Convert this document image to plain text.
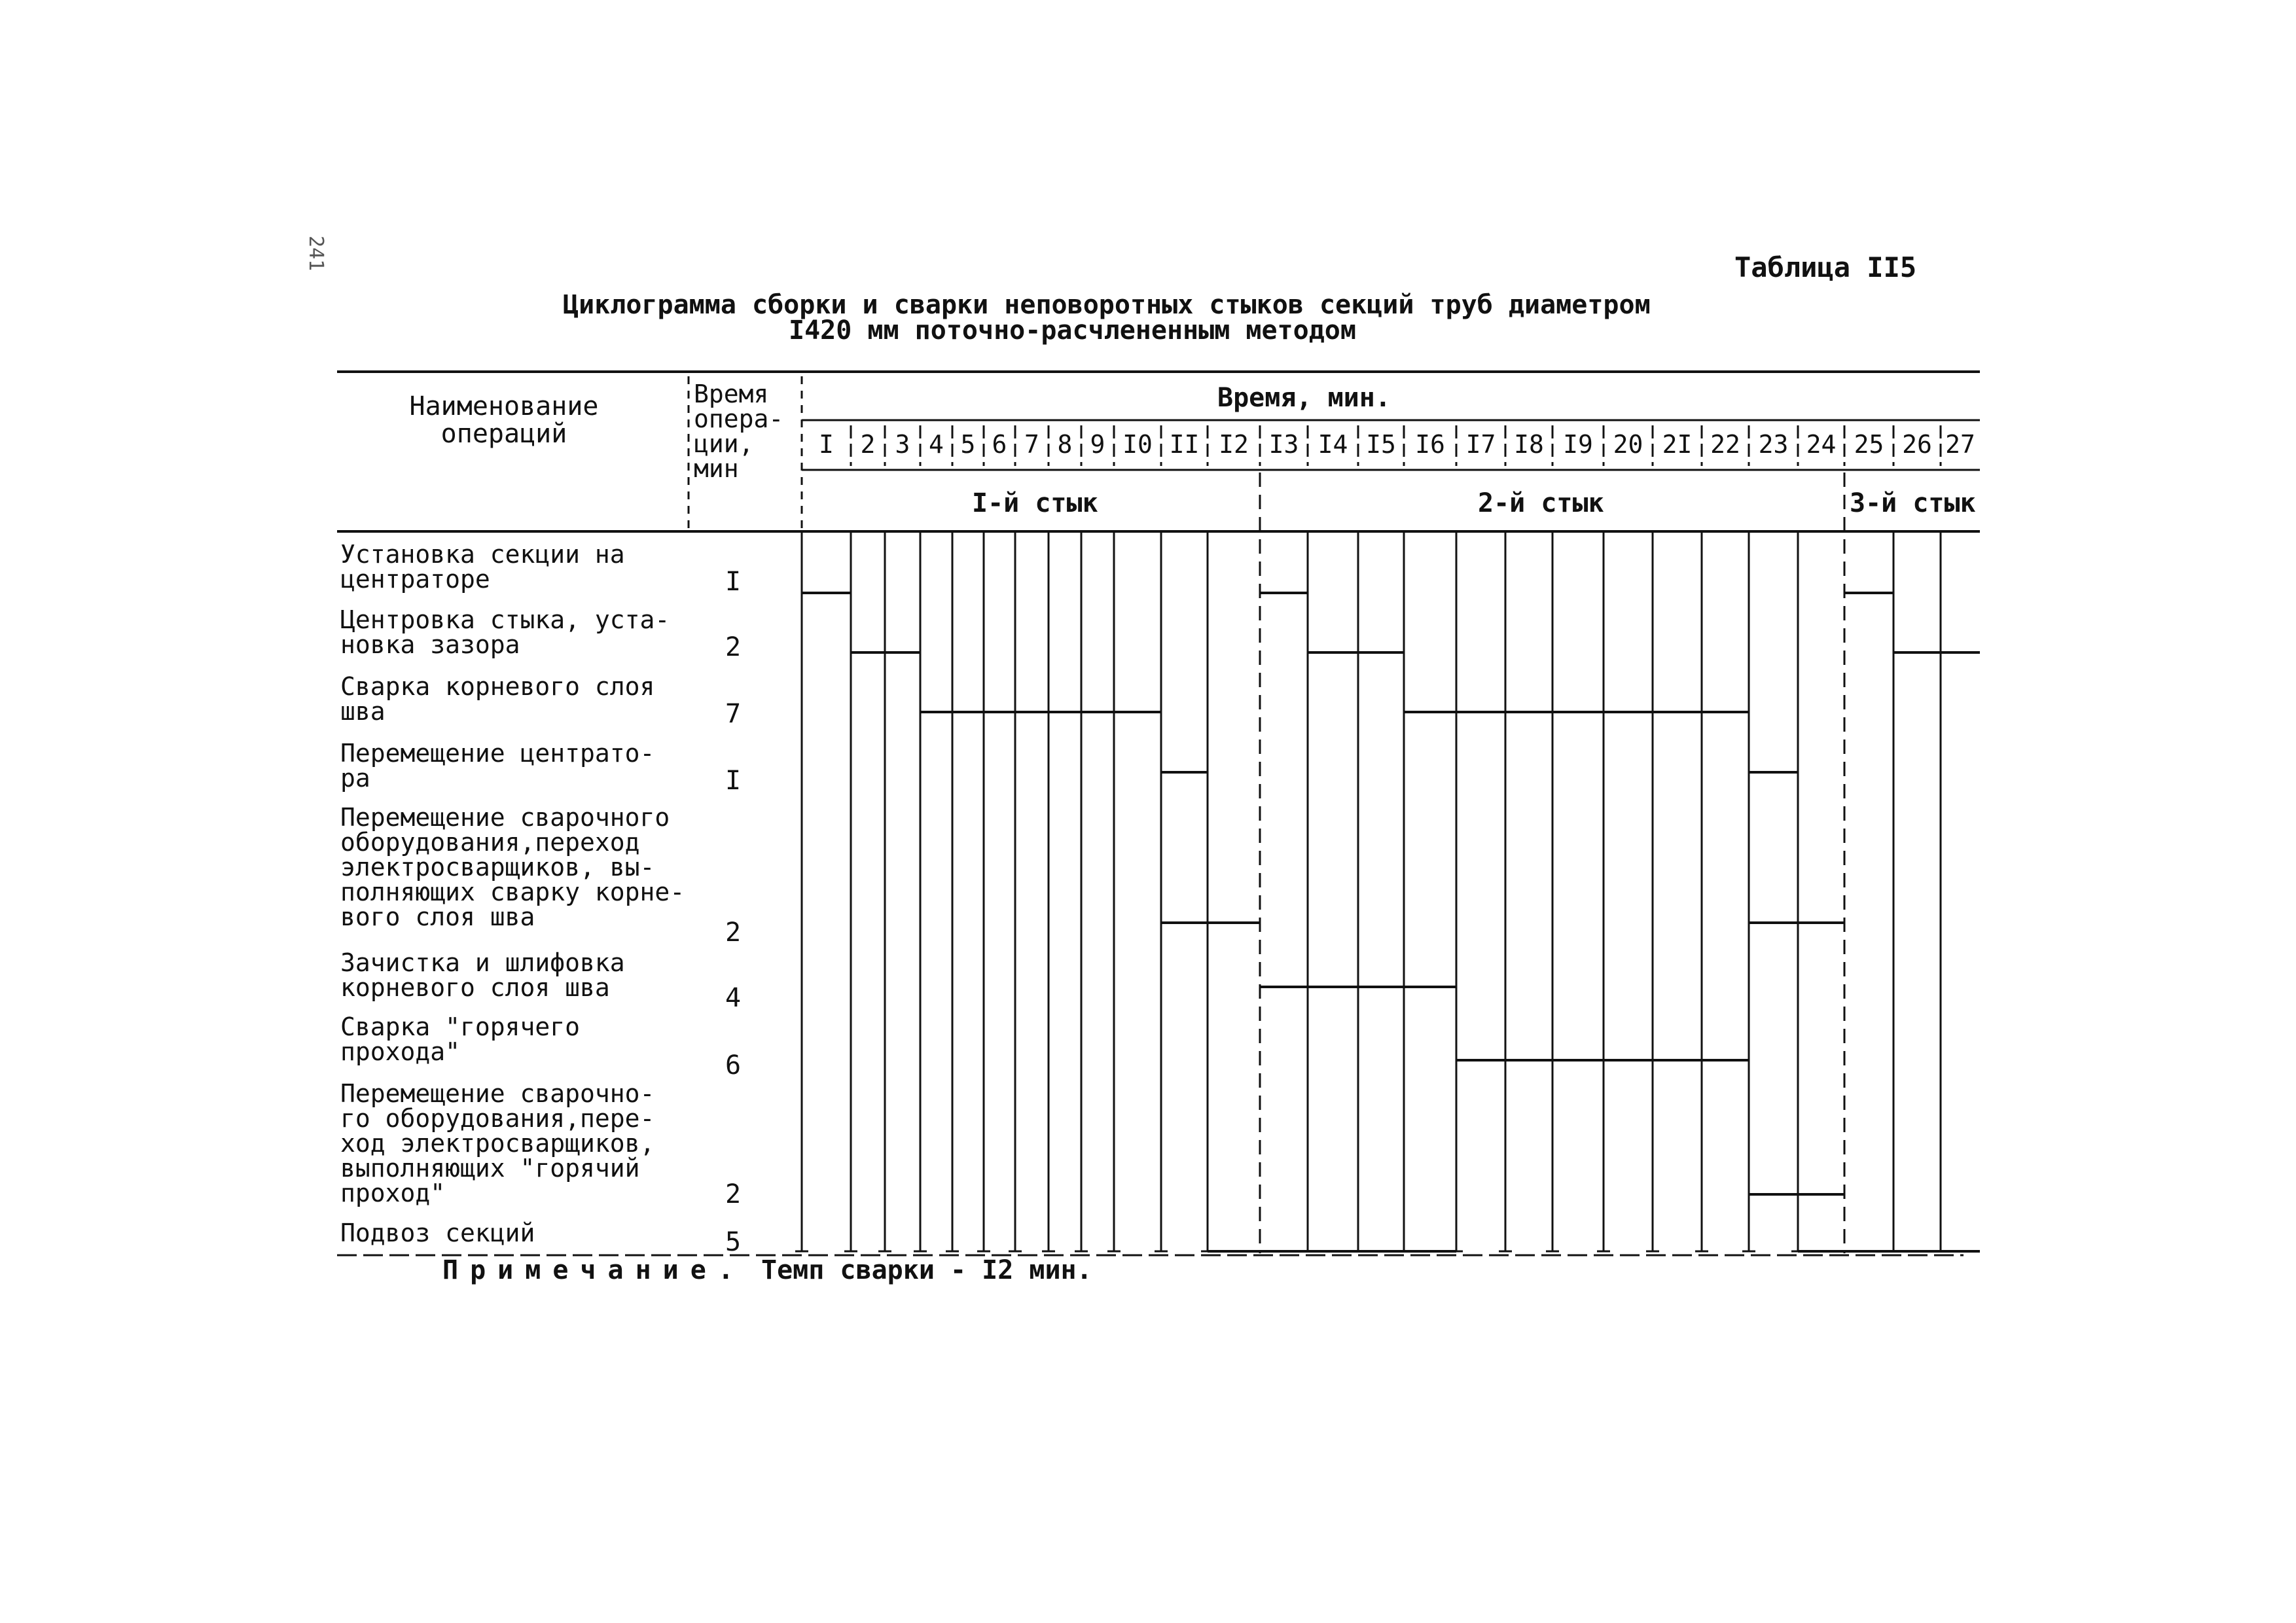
241	Таблица II5
Циклограмма сборки и сварки неповоротных стыков секций труб диаметром
I420 мм поточно-расчлененным методом
Наименование операций
Время
опера-
ции,
мин
Время, мин.
I	2 3 4 5 6 7 8 9 I0 II I2 I3 I4 I5 I6 I7 I8 I9 20 2I 22 23 24 25 26 27
I-й стык	2-й стык	3-й стык
Установка секции на
центраторе	I
Центровка стыка, уста-
новка зазора	2
Сварка корневого слоя
шва	7
Перемещение центрато-
ра	I
Перемещение сварочного
оборудования,переход
электросварщиков, вы-
полняющих сварку корне-
вого слоя шва
2
Зачистка и шлифовка
корневого слоя шва	4
Сварка "горячего
прохода"	6
Перемещение сварочно-
го оборудования,пере-
ход электросварщиков,
выполняющих "горячий
проход"	2
Подвоз секций	5
Примечание. Темп сварки - I2 мин.
